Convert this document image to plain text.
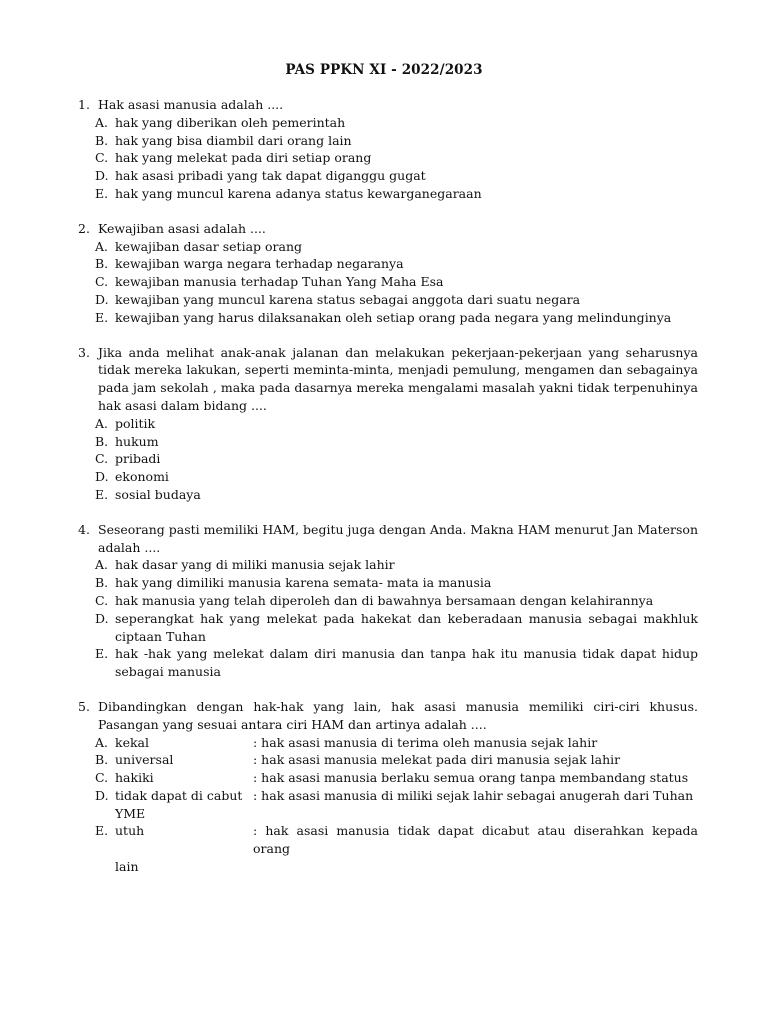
PAS PPKN XI - 2022/2023
1. Hak asasi manusia adalah ....
A. hak yang diberikan oleh pemerintah
B. hak yang bisa diambil dari orang lain
C. hak yang melekat pada diri setiap orang
D. hak asasi pribadi yang tak dapat diganggu gugat
E. hak yang muncul karena adanya status kewarganegaraan
2. Kewajiban asasi adalah ....
A. kewajiban dasar setiap orang
B. kewajiban warga negara terhadap negaranya
C. kewajiban manusia terhadap Tuhan Yang Maha Esa
D. kewajiban yang muncul karena status sebagai anggota dari suatu negara
E. kewajiban yang harus dilaksanakan oleh setiap orang pada negara yang melindunginya
3. Jika anda melihat anak-anak jalanan dan melakukan pekerjaan-pekerjaan yang seharusnya tidak mereka lakukan, seperti meminta-minta, menjadi pemulung, mengamen dan sebagainya pada jam sekolah , maka pada dasarnya mereka mengalami masalah yakni tidak terpenuhinya hak asasi dalam bidang ....
A. politik
B. hukum
C. pribadi
D. ekonomi
E. sosial budaya
4. Seseorang pasti memiliki HAM, begitu juga dengan Anda. Makna HAM menurut Jan Materson adalah ....
A. hak dasar yang di miliki manusia sejak lahir
B. hak yang dimiliki manusia karena semata- mata ia manusia
C. hak manusia yang telah diperoleh dan di bawahnya bersamaan dengan kelahirannya
D. seperangkat hak yang melekat pada hakekat dan keberadaan manusia sebagai makhluk ciptaan Tuhan
E. hak -hak yang melekat dalam diri manusia dan tanpa hak itu manusia tidak dapat hidup sebagai manusia
5. Dibandingkan dengan hak-hak yang lain, hak asasi manusia memiliki ciri-ciri khusus. Pasangan yang sesuai antara ciri HAM dan artinya adalah ....
A. kekal	: hak asasi manusia di terima oleh manusia sejak lahir
B. universal	: hak asasi manusia melekat pada diri manusia sejak lahir
C. hakiki	: hak asasi manusia berlaku semua orang tanpa membandang status
D. tidak dapat di cabut : hak asasi manusia di miliki sejak lahir sebagai anugerah dari Tuhan
YME
E. utuh	: hak asasi manusia tidak dapat dicabut atau diserahkan kepada orang
lain
